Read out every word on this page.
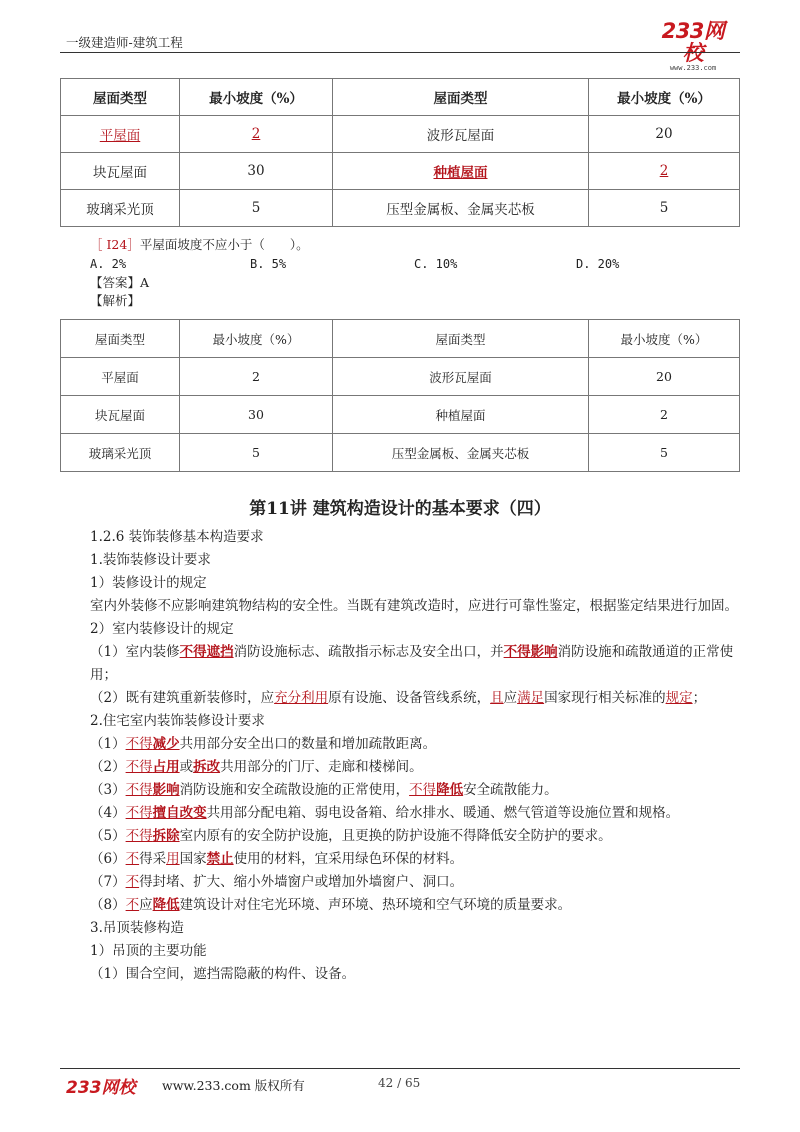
一级建造师-建筑工程	233网校
www.233.com
屋面类型	最小坡度（%）	屋面类型	最小坡度（%）
平屋面	2	波形瓦屋面	20
块瓦屋面	30	种植屋面	2
玻璃采光顶	5	压型金属板、金属夹芯板	5
［ I24］平屋面坡度不应小于（　　）。
A. 2%	B. 5%	C. 10%	D. 20%
【答案】A
【解析】
屋面类型	最小坡度（%）	屋面类型	最小坡度（%）
平屋面	2	波形瓦屋面	20
块瓦屋面	30	种植屋面	2
玻璃采光顶	5	压型金属板、金属夹芯板	5
第11讲 建筑构造设计的基本要求（四）

1.2.6 装饰装修基本构造要求

1.装饰装修设计要求

1）装修设计的规定

室内外装修不应影响建筑物结构的安全性。当既有建筑改造时，应进行可靠性鉴定，根据鉴定结果进行加固。

2）室内装修设计的规定

（1）室内装修不得遮挡消防设施标志、疏散指示标志及安全出口，并不得影响消防设施和疏散通道的正常使用；

（2）既有建筑重新装修时，应充分利用原有设施、设备管线系统，且应满足国家现行相关标准的规定；

2.住宅室内装饰装修设计要求

（1）不得减少共用部分安全出口的数量和增加疏散距离。

（2）不得占用或拆改共用部分的门厅、走廊和楼梯间。

（3）不得影响消防设施和安全疏散设施的正常使用，不得降低安全疏散能力。

（4）不得擅自改变共用部分配电箱、弱电设备箱、给水排水、暖通、燃气管道等设施位置和规格。

（5）不得拆除室内原有的安全防护设施，且更换的防护设施不得降低安全防护的要求。

（6）不得采用国家禁止使用的材料，宜采用绿色环保的材料。

（7）不得封堵、扩大、缩小外墙窗户或增加外墙窗户、洞口。

（8）不应降低建筑设计对住宅光环境、声环境、热环境和空气环境的质量要求。

3.吊顶装修构造

1）吊顶的主要功能

（1）围合空间，遮挡需隐蔽的构件、设备。

233网校 www.233.com 版权所有	42 / 65
